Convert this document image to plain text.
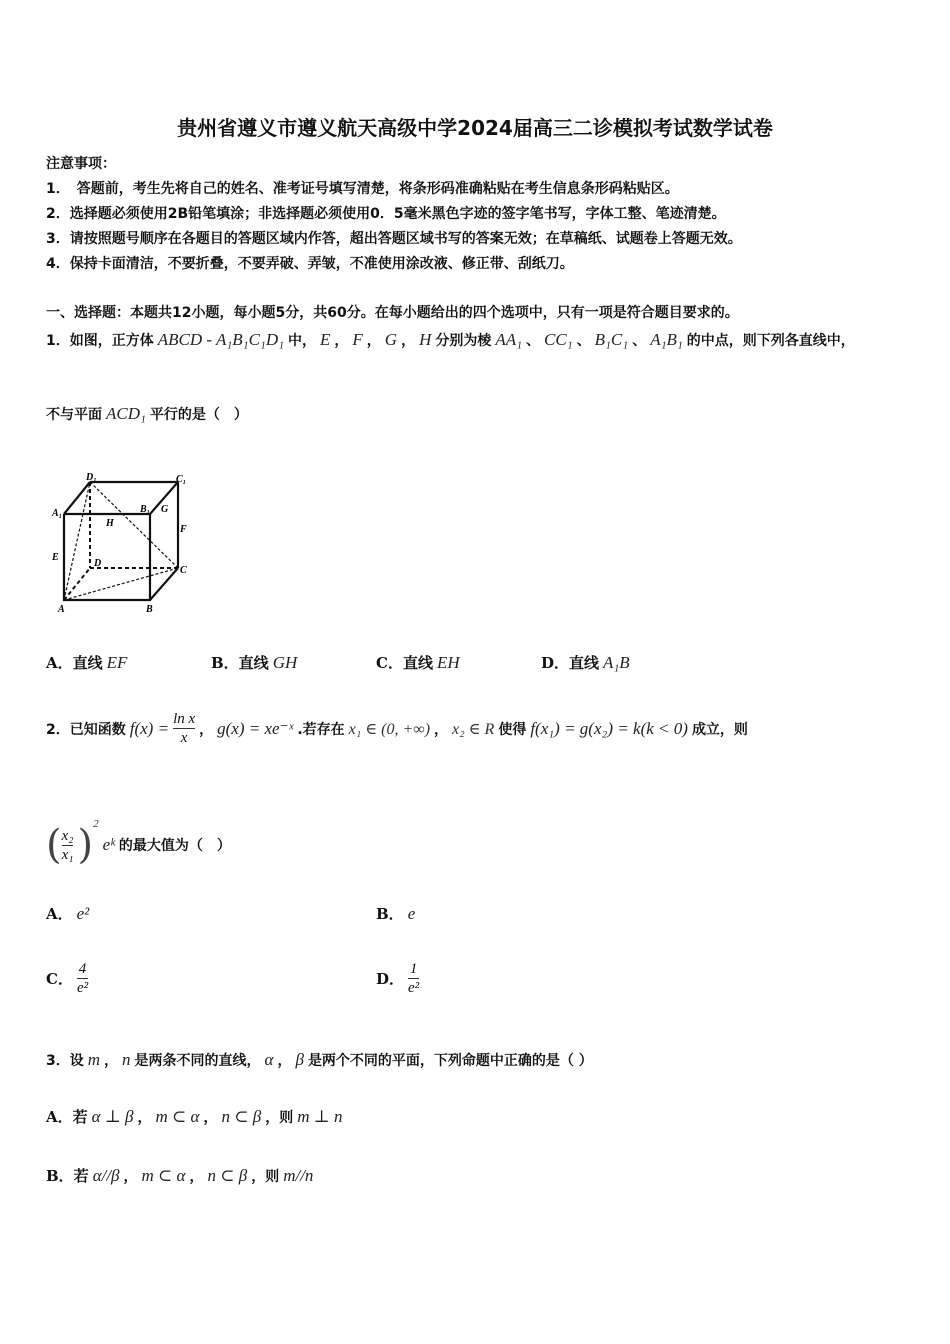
贵州省遵义市遵义航天高级中学2024届高三二诊模拟考试数学试卷
注意事项：
1．　答题前，考生先将自己的姓名、准考证号填写清楚，将条形码准确粘贴在考生信息条形码粘贴区。
2．选择题必须使用2B铅笔填涂；非选择题必须使用0．5毫米黑色字迹的签字笔书写，字体工整、笔迹清楚。
3．请按照题号顺序在各题目的答题区域内作答，超出答题区域书写的答案无效；在草稿纸、试题卷上答题无效。
4．保持卡面清洁，不要折叠，不要弄破、弄皱，不准使用涂改液、修正带、刮纸刀。
一、选择题：本题共12小题，每小题5分，共60分。在每小题给出的四个选项中，只有一项是符合题目要求的。
1．如图，正方体 ABCD - A₁B₁C₁D₁ 中， E ， F ， G ， H 分别为棱 AA₁ 、 CC₁ 、 B₁C₁ 、 A₁B₁ 的中点，则下列各直线中，
不与平面 ACD₁ 平行的是（　）
D₁	C₁
A₁	B₁ G
H
E
F
D
C
A	B
A．直线 EF	B．直线 GH	C．直线 EH	D．直线 A₁B
2．已知函数 $f(x) = \frac{\text{ln x}}{x}$ ， g(x) = xe⁻ˣ .若存在 x₁ ∈ (0, +∞) ， x₂ ∈ R 使得 f(x₁) = g(x₂) = k(k < 0) 成立，则
( $\frac{\text{x₂}}{\text{x₁}}$ ) 2
eᵏ 的最大值为（　）
A． e²	B． e
C． $\frac{4}{\text{e²}}$	D． $\frac{1}{\text{e²}}$
3．设 m ， n 是两条不同的直线， α ， β 是两个不同的平面，下列命题中正确的是（ ）
A．若 α ⊥ β ， m ⊂ α ， n ⊂ β ，则 m ⊥ n
B．若 α//β ， m ⊂ α ， n ⊂ β ，则 m//n
